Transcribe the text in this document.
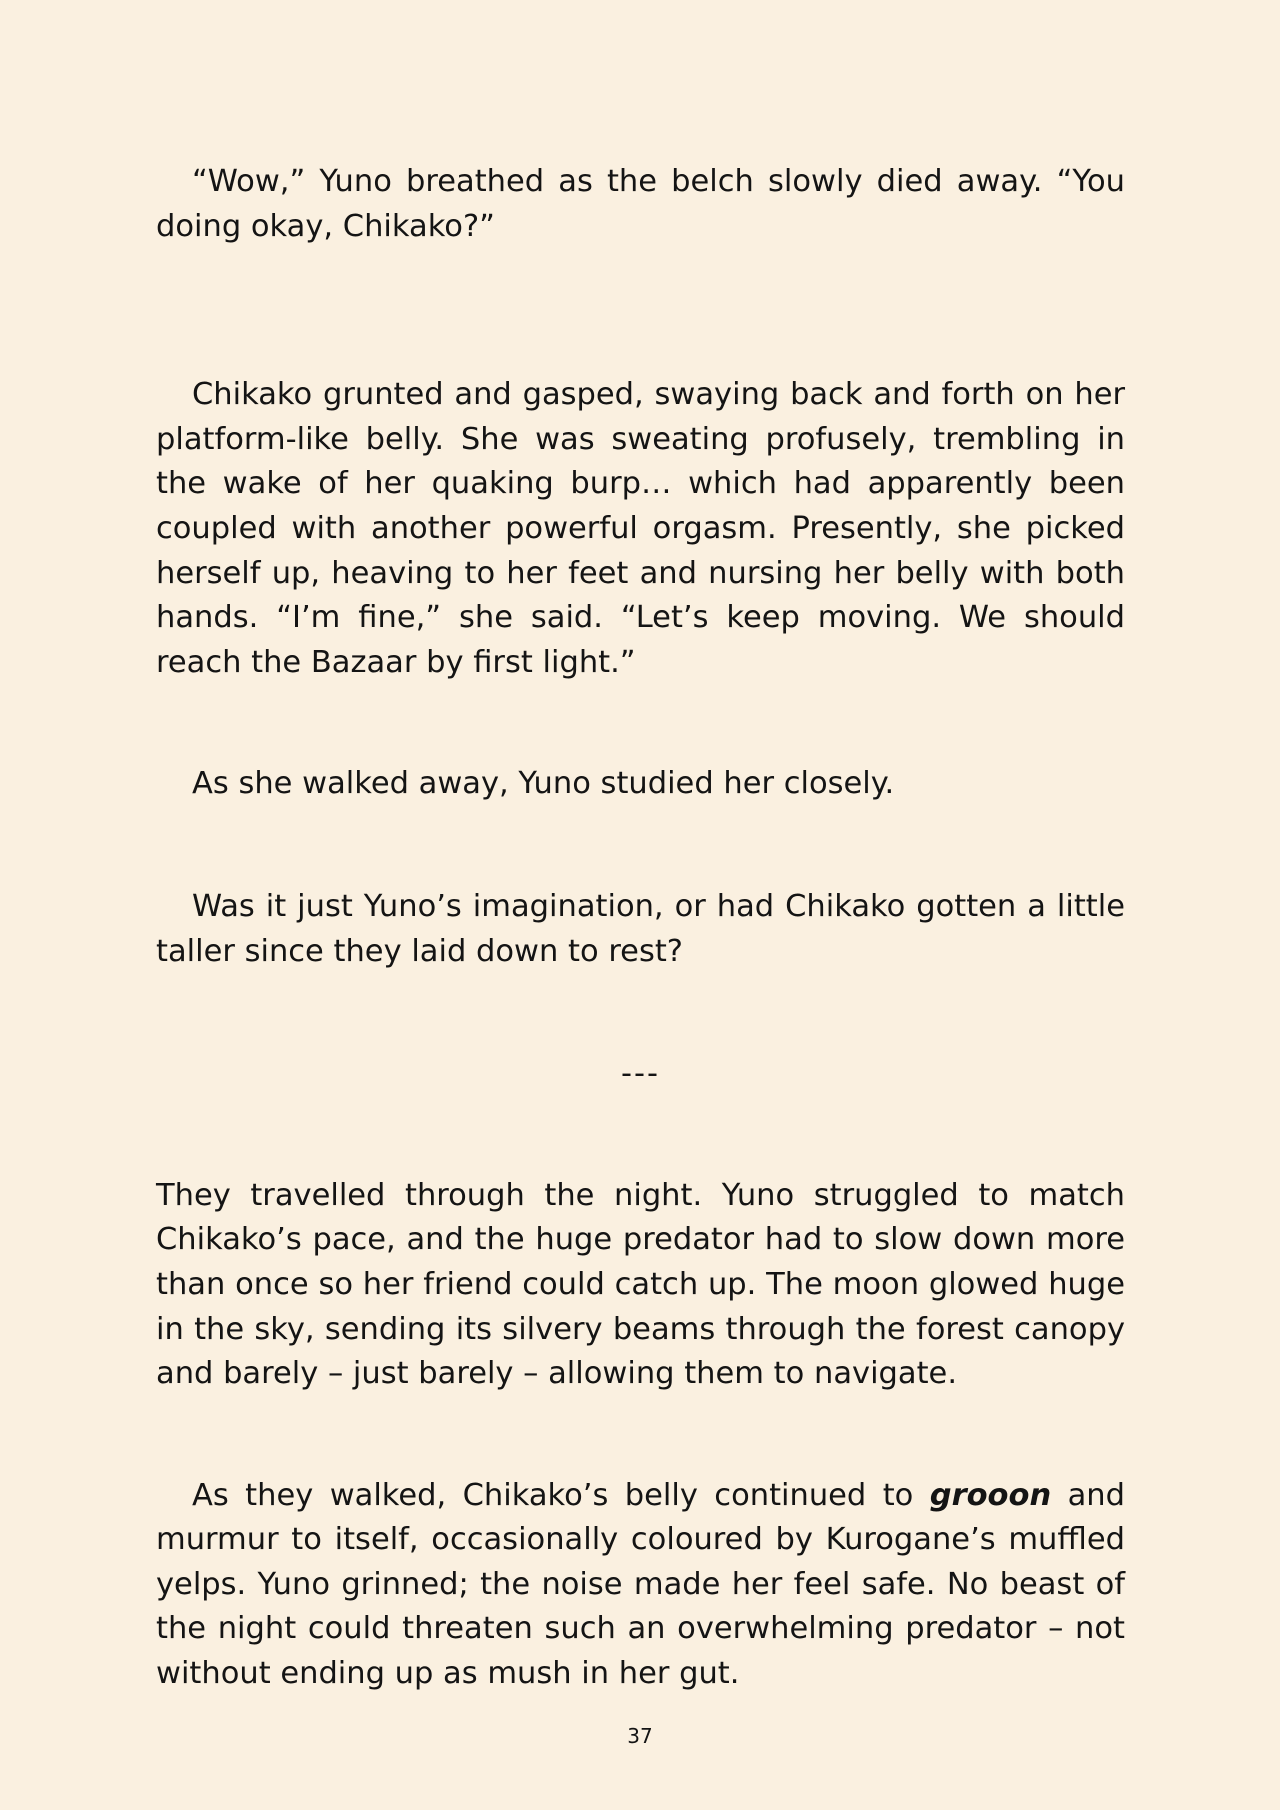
“Wow,” Yuno breathed as the belch slowly died away. “You doing okay, Chikako?”

Chikako grunted and gasped, swaying back and forth on her platform-like belly. She was sweating profusely, trembling in the wake of her quaking burp… which had apparently been coupled with another powerful orgasm. Presently, she picked herself up, heaving to her feet and nursing her belly with both hands. “I’m fine,” she said. “Let’s keep moving. We should reach the Bazaar by first light.”

As she walked away, Yuno studied her closely.

Was it just Yuno’s imagination, or had Chikako gotten a little taller since they laid down to rest?

---

They travelled through the night. Yuno struggled to match Chikako’s pace, and the huge predator had to slow down more than once so her friend could catch up. The moon glowed huge in the sky, sending its silvery beams through the forest canopy and barely – just barely – allowing them to navigate.

As they walked, Chikako’s belly continued to grooon and murmur to itself, occasionally coloured by Kurogane’s muffled yelps. Yuno grinned; the noise made her feel safe. No beast of the night could threaten such an overwhelming predator – not without ending up as mush in her gut.

37
